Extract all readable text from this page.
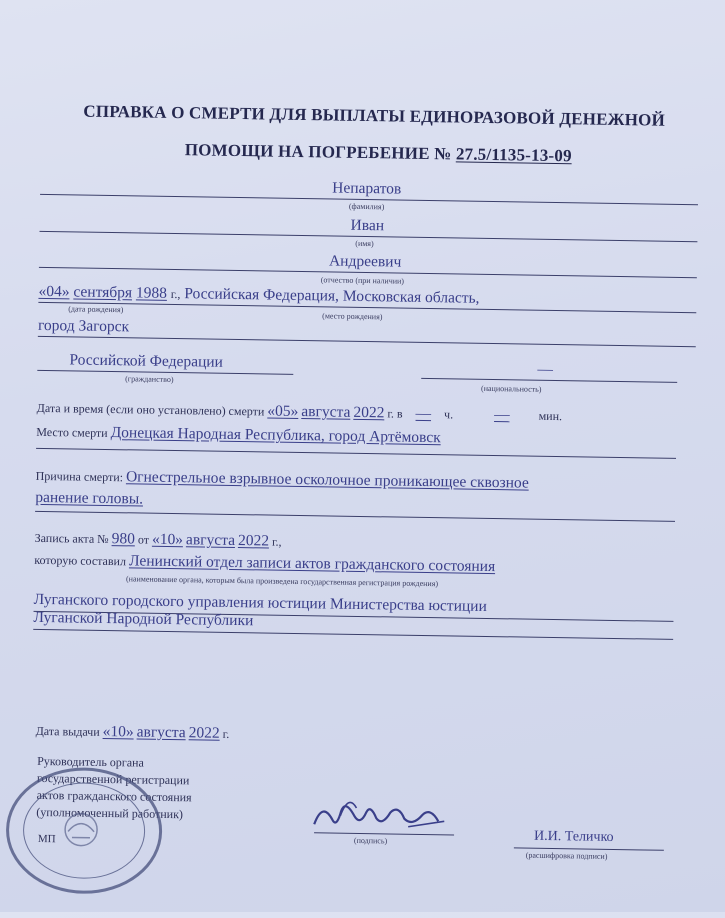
СПРАВКА О СМЕРТИ ДЛЯ ВЫПЛАТЫ ЕДИНОРАЗОВОЙ ДЕНЕЖНОЙ
ПОМОЩИ НА ПОГРЕБЕНИЕ № 27.5/1135-13-09
Непаратов
(фамилия)
Иван
(имя)
Андреевич
(отчество (при наличии)
«04» сентября 1988 г., Российская Федерация, Московская область,
(дата рождения)
(место рождения)
город Загорск
Российской Федерации
(гражданство)
—
(национальность)
Дата и время (если оно установлено) смерти «05» августа 2022 г. в — ч.	— мин.
Место смерти Донецкая Народная Республика, город Артёмовск
Причина смерти: Огнестрельное взрывное осколочное проникающее сквозное
ранение головы.
Запись акта № 980 от «10» августа 2022 г.,
которую составил Ленинский отдел записи актов гражданского состояния
(наименование органа, которым была произведена государственная регистрация рождения)
Луганского городского управления юстиции Министерства юстиции
Луганской Народной Республики
Дата выдачи «10» августа 2022 г.
Руководитель органа
государственной регистрации
актов гражданского состояния
(уполномоченный работник)
МП	(подпись)	И.И. Теличко
(расшифровка подписи)
